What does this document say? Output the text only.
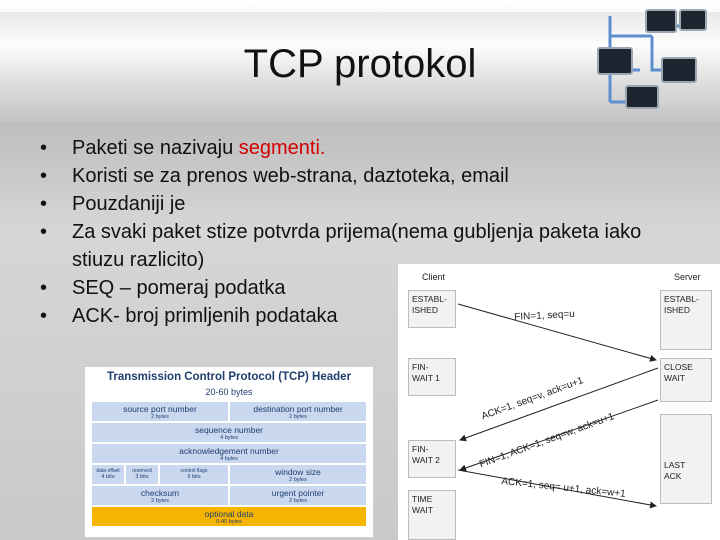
TCP protokol
• Paketi se nazivaju segmenti.
• Koristi se za prenos web-strana, daztoteka, email
• Pouzdaniji je
• Za svaki paket stize potvrda prijema(nema gubljenja paketa iako stiuzu razlicito)
• SEQ – pomeraj podatka
• ACK- broj primljenih podataka
Transmission Control Protocol (TCP) Header
20-60 bytes
source port number
2 bytes
destination port number
2 bytes
sequence number
4 bytes
acknowledgement number
4 bytes
data offset
4 bits
reserved
3 bits
control flags
9 bits	window size
2 bytes
checksum
2 bytes
urgent pointer
2 bytes
optional data
0-40 bytes
Client	Server
ESTABL-
ISHED
FIN-
WAIT 1
FIN-
WAIT 2
TIME
WAIT
ESTABL-
ISHED
CLOSE
WAIT
LAST
ACK
FIN=1, seq=u
ACK=1, seq=v, ack=u+1
FIN=1, ACK=1, seq=w, ack=u+1
ACK=1, seq= u+1, ack=w+1
